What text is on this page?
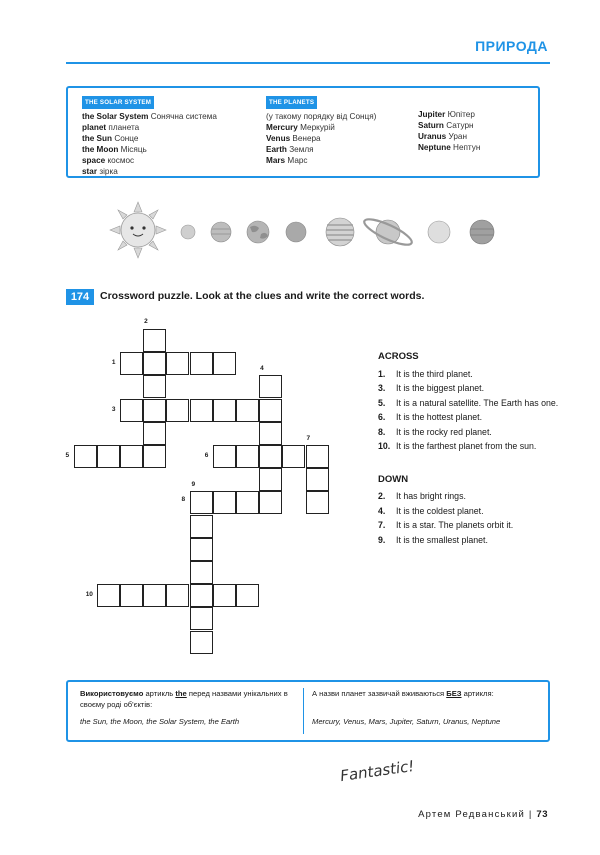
ПРИРОДА
THE SOLAR SYSTEM
the Solar System Сонячна система
planet планета
the Sun Сонце
the Moon Місяць
space космос
star зірка
THE PLANETS
(у такому порядку від Сонця)
Mercury Меркурій
Venus Венера
Earth Земля
Mars Марс
Jupiter Юпітер
Saturn Сатурн
Uranus Уран
Neptune Нептун
174	Crossword puzzle. Look at the clues and write the correct words.
1
2
3
4
5	6
7
8
9
10
ACROSS
1.	It is the third planet.
3.	It is the biggest planet.
5.	It is a natural satellite. The Earth has one.
6.	It is the hottest planet.
8.	It is the rocky red planet.
10. It is the farthest planet from the sun.
DOWN
2.	It has bright rings.
4.	It is the coldest planet.
7.	It is a star. The planets orbit it.
9.	It is the smallest planet.
Використовуємо артикль the перед назвами унікальних в своєму роді об'єктів:
the Sun, the Moon, the Solar System, the Earth
А назви планет зазвичай вживаються БЕЗ артикля:
Mercury, Venus, Mars, Jupiter, Saturn, Uranus, Neptune
Fantastic!
Артем Редванський | 73
